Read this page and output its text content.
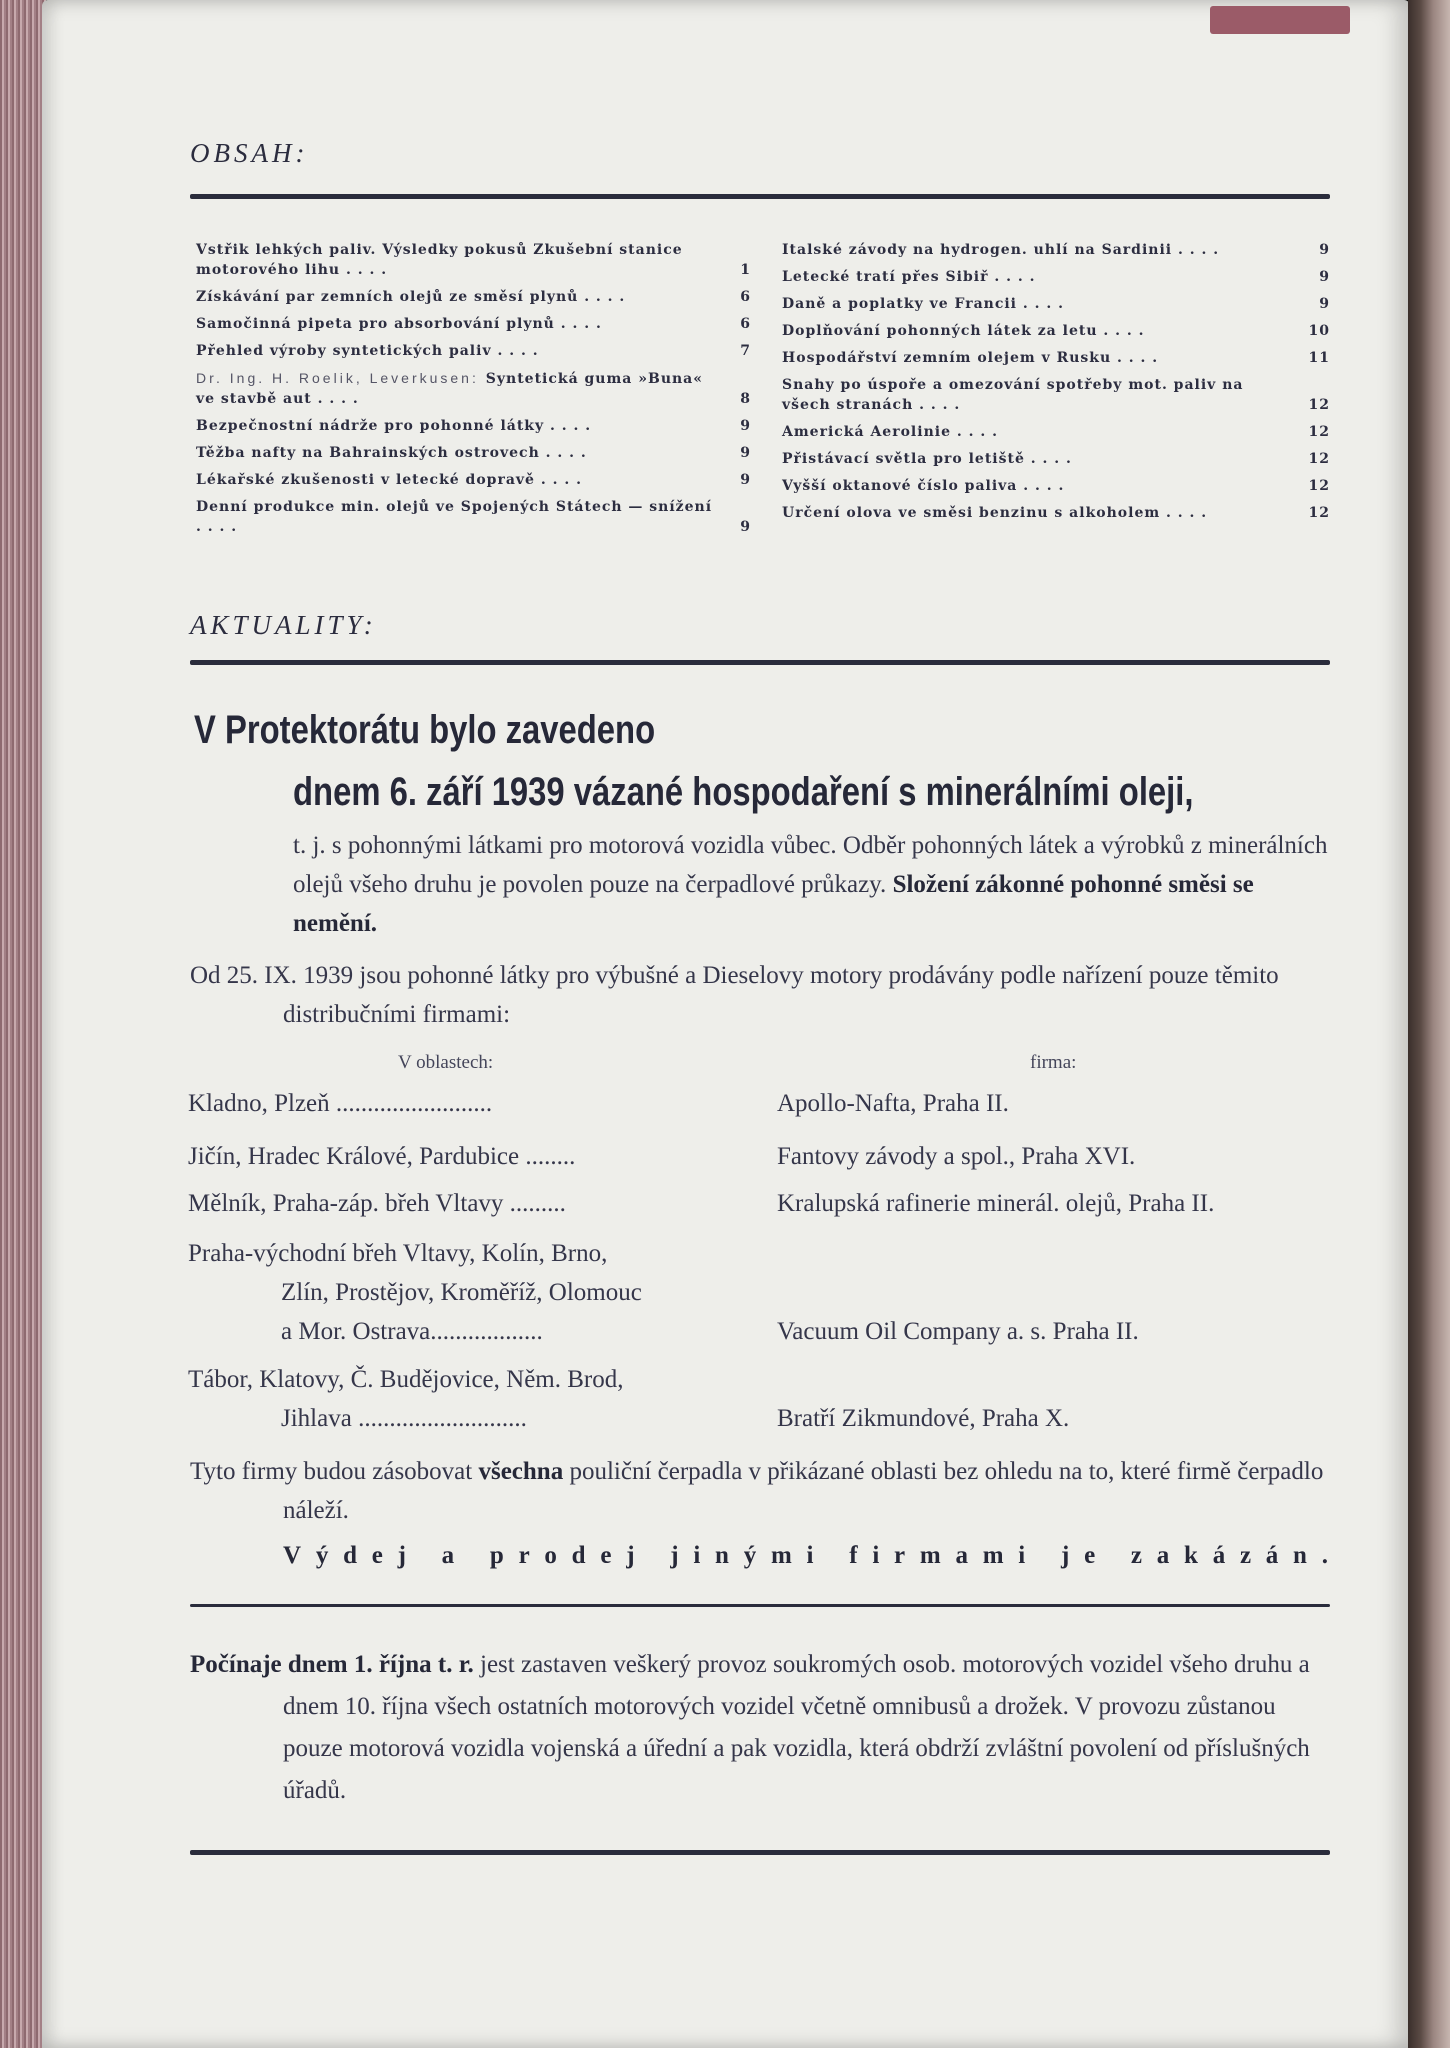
OBSAH:
Vstřik lehkých paliv. Výsledky pokusů Zkušební stanice motorového lihu . . . .	1
Získávání par zemních olejů ze směsí plynů . . . .	6
Samočinná pipeta pro absorbování plynů . . . .	6
Přehled výroby syntetických paliv . . . .	7
Dr. Ing. H. Roelik, Leverkusen: Syntetická guma »Buna« ve stavbě aut . . . .	8
Bezpečnostní nádrže pro pohonné látky . . . .	9
Těžba nafty na Bahrainských ostrovech . . . .	9
Lékařské zkušenosti v letecké dopravě . . . .	9
Denní produkce min. olejů ve Spojených Státech — snížení . . . .	9
Italské závody na hydrogen. uhlí na Sardinii . . . .	9
Letecké tratí přes Sibiř . . . .	9
Daně a poplatky ve Francii . . . .	9
Doplňování pohonných látek za letu . . . .	10
Hospodářství zemním olejem v Rusku . . . .	11
Snahy po úspoře a omezování spotřeby mot. paliv na všech stranách . . . .	12
Americká Aerolinie . . . .	12
Přistávací světla pro letiště . . . .	12
Vyšší oktanové číslo paliva . . . .	12
Určení olova ve směsi benzinu s alkoholem . . . .	12
AKTUALITY:
V Protektorátu bylo zavedeno
dnem 6. září 1939 vázané hospodaření s minerálními oleji,
t. j. s pohonnými látkami pro motorová vozidla vůbec. Odběr pohonných látek a výrobků z minerálních olejů všeho druhu je povolen pouze na čerpadlové průkazy. Složení zákonné pohonné směsi se nemění.
Od 25. IX. 1939 jsou pohonné látky pro výbušné a Dieselovy motory prodávány podle nařízení pouze těmito distribučními firmami:
V oblastech:	firma:
Kladno, Plzeň .........................	Apollo-Nafta, Praha II.
Jičín, Hradec Králové, Pardubice ........	Fantovy závody a spol., Praha XVI.
Mělník, Praha-záp. břeh Vltavy .........	Kralupská rafinerie minerál. olejů, Praha II.
Praha-východní břeh Vltavy, Kolín, Brno,
Zlín, Prostějov, Kroměříž, Olomouc
a Mor. Ostrava..................	Vacuum Oil Company a. s. Praha II.
Tábor, Klatovy, Č. Budějovice, Něm. Brod,
Jihlava ...........................	Bratří Zikmundové, Praha X.
Tyto firmy budou zásobovat všechna pouliční čerpadla v přikázané oblasti bez ohledu na to, které firmě čerpadlo náleží.
V ý d e j
a
p r o d e j
j i n ý m i
f i r m a m i
j e
z a k á z á n .
Počínaje dnem 1. října t. r. jest zastaven veškerý provoz soukromých osob. motorových vozidel všeho druhu a dnem 10. října všech ostatních motorových vozidel včetně omnibusů a drožek. V provozu zůstanou pouze motorová vozidla vojenská a úřední a pak vozidla, která obdrží zvláštní povolení od příslušných úřadů.
